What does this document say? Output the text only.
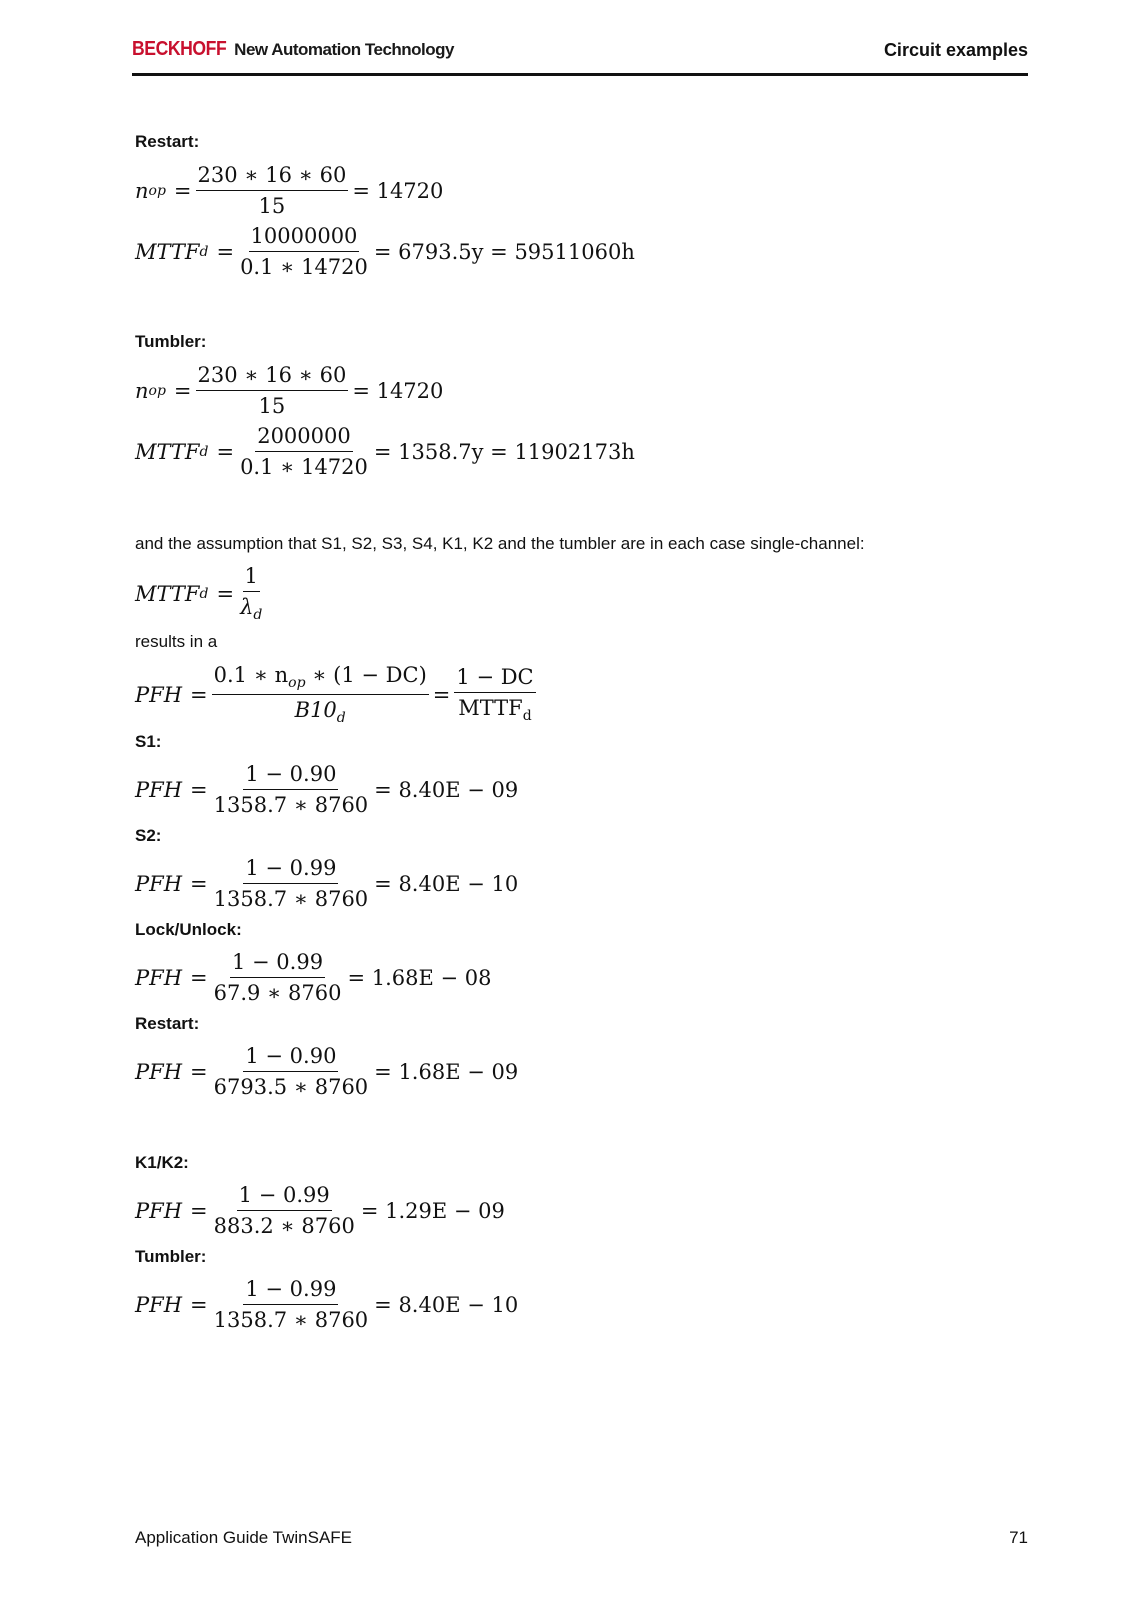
BECKHOFF New Automation Technology	Circuit examples
Restart:
n op = $\frac{230 ∗ 16 ∗ 60}{15} = 14720$
MTTF $d = \frac{10000000}{0.1 ∗ 14720} = 6793.5y = 59511060h$
Tumbler:
n op = $\frac{230 ∗ 16 ∗ 60}{15} = 14720$
MTTF $d = \frac{2000000}{0.1 ∗ 14720} = 1358.7y = 11902173h$
and the assumption that S1, S2, S3, S4, K1, K2 and the tumbler are in each case single-channel:
MTTF $d = \frac{1}{\lambda_d}$
results in a
PFH = $\frac{0.1 ∗ n_{op} ∗ (1 - DC)}{B10_d} = \frac{1 - DC}{MTTF_d}$
S1:
PFH = $\frac{1 - 0.90}{1358.7 ∗ 8760} = 8.40E - 09$
S2:
PFH = $\frac{1 - 0.99}{1358.7 ∗ 8760} = 8.40E - 10$
Lock/Unlock:
PFH = $\frac{1 - 0.99}{67.9 ∗ 8760} = 1.68E - 08$
Restart:
PFH = $\frac{1 - 0.90}{6793.5 ∗ 8760} = 1.68E - 09$
K1/K2:
PFH = $\frac{1 - 0.99}{883.2 ∗ 8760} = 1.29E - 09$
Tumbler:
PFH = $\frac{1 - 0.99}{1358.7 ∗ 8760} = 8.40E - 10$
Application Guide TwinSAFE	71
